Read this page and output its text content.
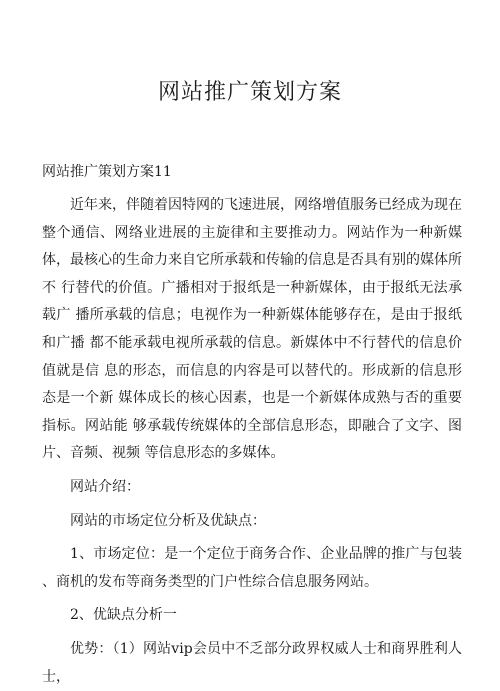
网站推广策划方案
网站推广策划方案11

近年来，伴随着因特网的飞速进展，网络增值服务已经成为现在 整个通信、网络业进展的主旋律和主要推动力。网站作为一种新媒体，最核心的生命力来自它所承载和传输的信息是否具有别的媒体所不 行替代的价值。广播相对于报纸是一种新媒体，由于报纸无法承载广 播所承载的信息；电视作为一种新媒体能够存在，是由于报纸和广播 都不能承载电视所承载的信息。新媒体中不行替代的信息价值就是信 息的形态，而信息的内容是可以替代的。形成新的信息形态是一个新 媒体成长的核心因素，也是一个新媒体成熟与否的重要指标。网站能 够承载传统媒体的全部信息形态，即融合了文字、图片、音频、视频 等信息形态的多媒体。

网站介绍：

网站的市场定位分析及优缺点：

1、市场定位：是一个定位于商务合作、企业品牌的推广与包装 、商机的发布等商务类型的门户性综合信息服务网站。

2、优缺点分析一

优势：（1）网站vip会员中不乏部分政界权威人士和商界胜利人 士，
